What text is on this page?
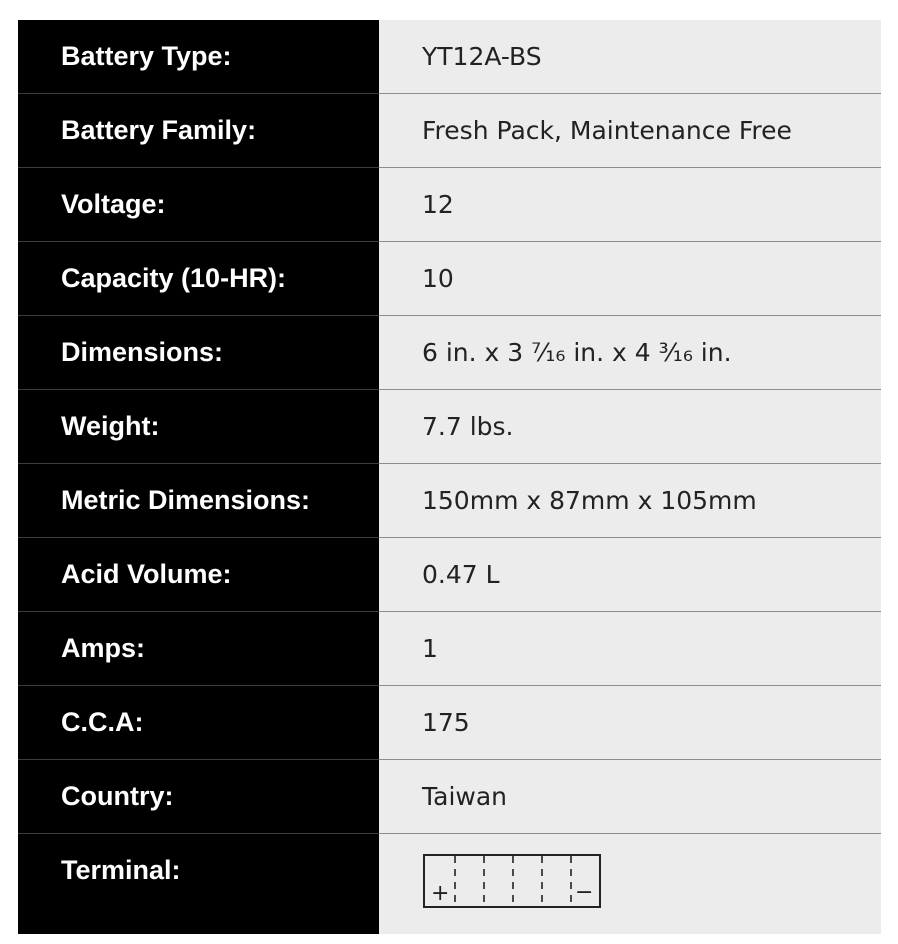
Battery Type:	YT12A-BS

Battery Family:	Fresh Pack, Maintenance Free

Voltage:	12

Capacity (10-HR):	10

Dimensions:	6 in. x 3 ⁷⁄₁₆ in. x 4 ³⁄₁₆ in.

Weight:	7.7 lbs.

Metric Dimensions:	150mm x 87mm x 105mm

Acid Volume:	0.47 L

Amps:	1

C.C.A:	175

Country:	Taiwan

Terminal:	+ −
